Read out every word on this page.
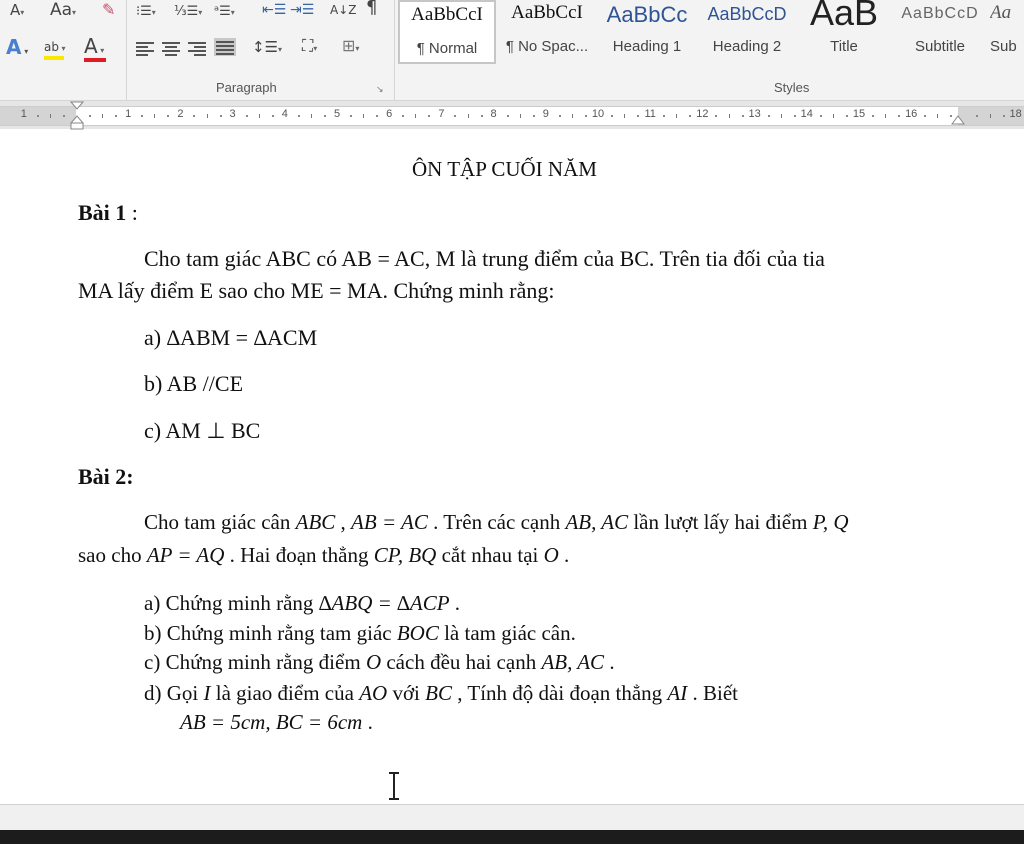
A▾ Aa▾ ✎
A ▾ ab ▾ A ▾
⁝☰▾ ⅓☰▾ ᵃ☰▾ ⇤☰ ⇥☰ A↓Z ¶
↕☰▾ ⛶▾ ⊞▾
Paragraph	↘
AaBbCcI
¶ Normal
AaBbCcI
¶ No Spac...
AaBbCc
Heading 1
AaBbCcD
Heading 2
AaB
Title
AaBbCcD
Subtitle
Aa
Sub
Styles
1	1	2	3	4	5	6	7	8	9	10	11	12	13	14	15	16	18
ÔN TẬP CUỐI NĂM
Bài 1 :
Cho tam giác ABC có AB = AC, M là trung điểm của BC. Trên tia đối của tia
MA lấy điểm E sao cho ME = MA. Chứng minh rằng:
a) ∆ABM = ∆ACM
b) AB //CE
c) AM ⊥ BC
Bài 2:
Cho tam giác cân ABC , AB = AC . Trên các cạnh AB, AC lần lượt lấy hai điểm P, Q
sao cho AP = AQ . Hai đoạn thẳng CP, BQ cắt nhau tại O .
a) Chứng minh rằng ∆ABQ = ∆ACP .
b) Chứng minh rằng tam giác BOC là tam giác cân.
c) Chứng minh rằng điểm O cách đều hai cạnh AB, AC .
d) Gọi I là giao điểm của AO với BC , Tính độ dài đoạn thẳng AI . Biết
AB = 5cm, BC = 6cm .
